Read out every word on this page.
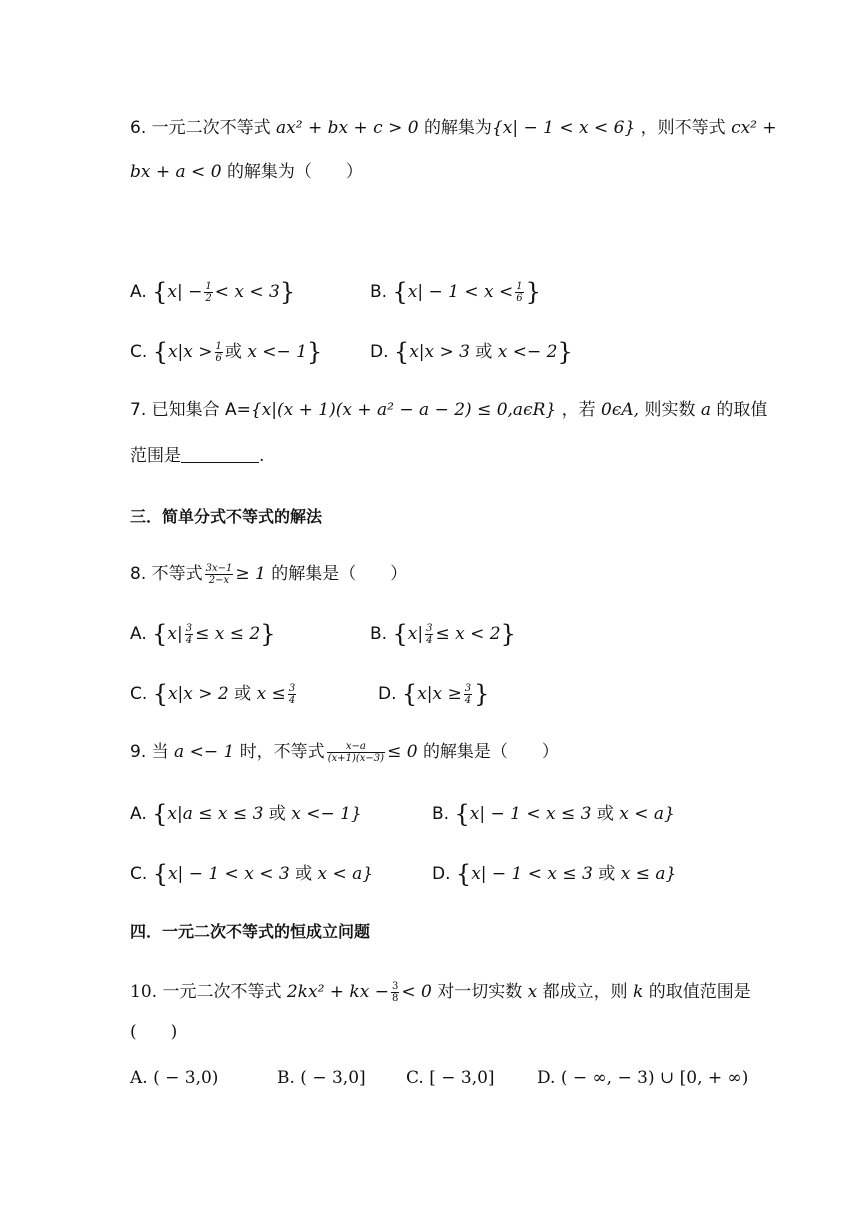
6. 一元二次不等式 ax² + bx + c > 0 的解集为{x| − 1 < x < 6} ，则不等式 cx² +
bx + a < 0 的解集为（　　）
A. $\{x| - \frac{1}{2} < x < 3\}$	B. {$x| - 1 < x < \frac{1}{6}$ }
C. {$x|x > \frac{1}{6}$ 或 x <− 1}	D. {x|x > 3 或 x <− 2}
7. 已知集合 A={x|(x + 1)(x + a² − a − 2) ≤ 0,aϵR} ，若 0ϵA, 则实数 a 的取值
范围是	.
三．简单分式不等式的解法
8. 不等式 $\frac{3x-1}{2-x} \ge 1$ 的解集是（　　）
A. $\{x| \frac{3}{4} \le x \le 2\}$	B. $\{x| \frac{3}{4} \le x < 2\}$
C. {x|x > 2 或 $x \le \frac{3}{4}$	D. {$x|x \ge \frac{3}{4}$ }
9. 当 a <− 1 时，不等式 $\frac{x-a}{(x+1)(x-3)} \le 0$ 的解集是（　　）
A. {x|a ≤ x ≤ 3 或 x <− 1}	B. {x| − 1 < x ≤ 3 或 x < a}
C. {x| − 1 < x < 3 或 x < a}	D. {x| − 1 < x ≤ 3 或 x ≤ a}
四．一元二次不等式的恒成立问题
10. 一元二次不等式 2kx² + kx − $\frac{3}{8} < 0$ 对一切实数 x 都成立，则 k 的取值范围是
(　　)
A. ( − 3,0)	B. ( − 3,0] C. [ − 3,0] D. ( − ∞, − 3) ∪ [0, + ∞)
